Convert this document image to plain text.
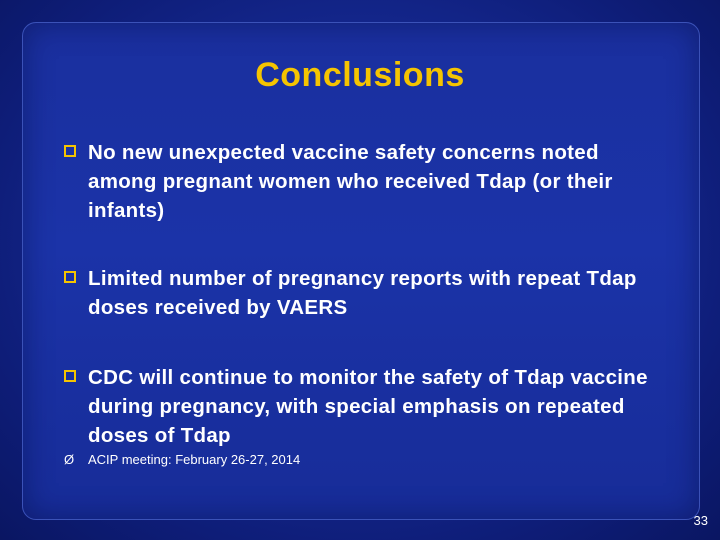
Conclusions
No new unexpected vaccine safety concerns noted among pregnant women who received Tdap (or their infants)
Limited number of pregnancy reports with repeat Tdap doses received by VAERS
CDC will continue to monitor the safety of Tdap vaccine during pregnancy, with special emphasis on repeated doses of Tdap
Ø ACIP meeting: February 26-27, 2014
33
